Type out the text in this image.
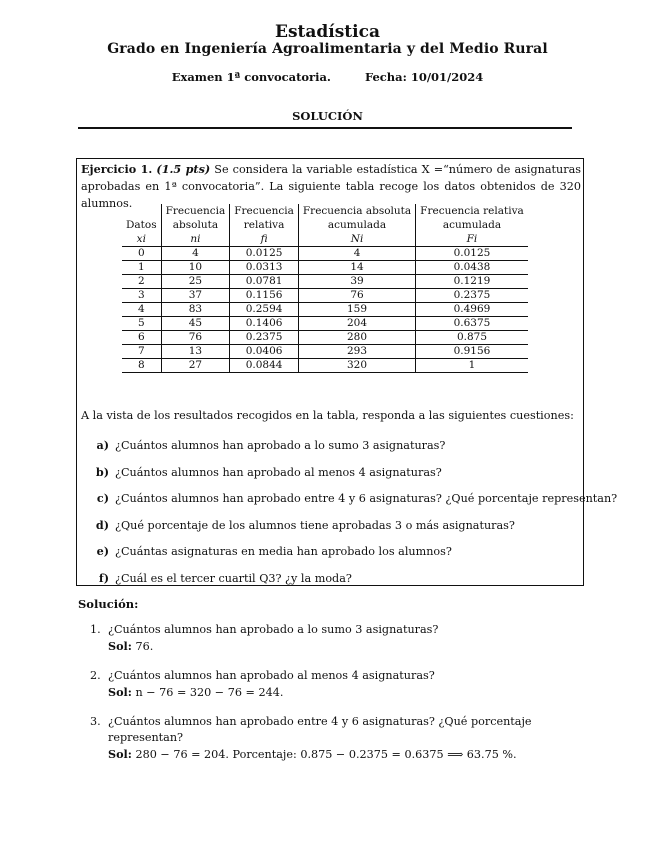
Estadística
Grado en Ingeniería Agroalimentaria y del Medio Rural
Examen 1ª convocatoria.	Fecha: 10/01/2024
SOLUCIÓN
Ejercicio 1. (1.5 pts) Se considera la variable estadística X =“número de asignaturas aprobadas en 1ª convocatoria”. La siguiente tabla recoge los datos obtenidos de 320 alumnos.
	Frecuencia	Frecuencia	Frecuencia absoluta	Frecuencia relativa
Datos	absoluta	relativa	acumulada	acumulada
xi	ni	fi	Ni	Fi
0	4	0.0125	4	0.0125
1	10	0.0313	14	0.0438
2	25	0.0781	39	0.1219
3	37	0.1156	76	0.2375
4	83	0.2594	159	0.4969
5	45	0.1406	204	0.6375
6	76	0.2375	280	0.875
7	13	0.0406	293	0.9156
8	27	0.0844	320	1
A la vista de los resultados recogidos en la tabla, responda a las siguientes cuestiones:
a) ¿Cuántos alumnos han aprobado a lo sumo 3 asignaturas?
b) ¿Cuántos alumnos han aprobado al menos 4 asignaturas?
c) ¿Cuántos alumnos han aprobado entre 4 y 6 asignaturas? ¿Qué porcentaje representan?
d) ¿Qué porcentaje de los alumnos tiene aprobadas 3 o más asignaturas?
e) ¿Cuántas asignaturas en media han aprobado los alumnos?
f) ¿Cuál es el tercer cuartil Q3? ¿y la moda?
Solución:
1. ¿Cuántos alumnos han aprobado a lo sumo 3 asignaturas?
Sol: 76.
2. ¿Cuántos alumnos han aprobado al menos 4 asignaturas?
Sol: n − 76 = 320 − 76 = 244.
3. ¿Cuántos alumnos han aprobado entre 4 y 6 asignaturas? ¿Qué porcentaje representan?
Sol: 280 − 76 = 204. Porcentaje: 0.875 − 0.2375 = 0.6375 ⟹ 63.75 %.
